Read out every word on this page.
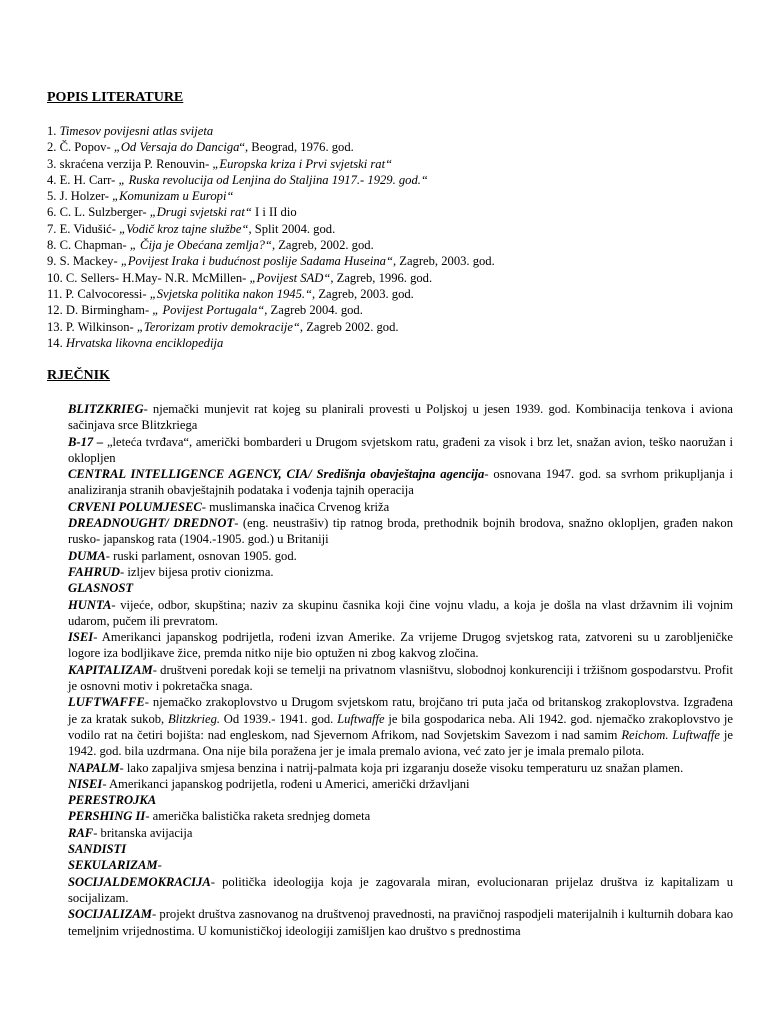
POPIS LITERATURE
1. Timesov povijesni atlas svijeta
2. Č. Popov- „Od Versaja do Danciga“, Beograd, 1976. god.
3. skraćena verzija P. Renouvin- „Europska kriza i Prvi svjetski rat“
4. E. H. Carr- „ Ruska revolucija od Lenjina do Staljina 1917.- 1929. god.“
5. J. Holzer- „Komunizam u Europi“
6. C. L. Sulzberger- „Drugi svjetski rat“ I i II dio
7. E. Vidušić- „Vodič kroz tajne službe“, Split 2004. god.
8. C. Chapman- „ Čija je Obećana zemlja?“, Zagreb, 2002. god.
9. S. Mackey- „Povijest Iraka i budućnost poslije Sadama Huseina“, Zagreb, 2003. god.
10. C. Sellers- H.May- N.R. McMillen- „Povijest SAD“, Zagreb, 1996. god.
11. P. Calvocoressi- „Svjetska politika nakon 1945.“, Zagreb, 2003. god.
12. D. Birmingham- „ Povijest Portugala“, Zagreb 2004. god.
13. P. Wilkinson- „Terorizam protiv demokracije“, Zagreb 2002. god.
14. Hrvatska likovna enciklopedija
RJEČNIK

BLITZKRIEG- njemački munjevit rat kojeg su planirali provesti u Poljskoj u jesen 1939. god. Kombinacija tenkova i aviona sačinjava srce Blitzkriega

B-17 – „leteća tvrđava“, američki bombarderi u Drugom svjetskom ratu, građeni za visok i brz let, snažan avion, teško naoružan i oklopljen

CENTRAL INTELLIGENCE AGENCY, CIA/ Središnja obavještajna agencija- osnovana 1947. god. sa svrhom prikupljanja i analiziranja stranih obavještajnih podataka i vođenja tajnih operacija

CRVENI POLUMJESEC- muslimanska inačica Crvenog križa

DREADNOUGHT/ DREDNOT- (eng. neustrašiv) tip ratnog broda, prethodnik bojnih brodova, snažno oklopljen, građen nakon rusko- japanskog rata (1904.-1905. god.) u Britaniji

DUMA- ruski parlament, osnovan 1905. god.

FAHRUD- izljev bijesa protiv cionizma.

GLASNOST

HUNTA- vijeće, odbor, skupština; naziv za skupinu časnika koji čine vojnu vladu, a koja je došla na vlast državnim ili vojnim udarom, pučem ili prevratom.

ISEI- Amerikanci japanskog podrijetla, rođeni izvan Amerike. Za vrijeme Drugog svjetskog rata, zatvoreni su u zarobljeničke logore iza bodljikave žice, premda nitko nije bio optužen ni zbog kakvog zločina.

KAPITALIZAM- društveni poredak koji se temelji na privatnom vlasništvu, slobodnoj konkurenciji i tržišnom gospodarstvu. Profit je osnovni motiv i pokretačka snaga.

LUFTWAFFE- njemačko zrakoplovstvo u Drugom svjetskom ratu, brojčano tri puta jača od britanskog zrakoplovstva. Izgrađena je za kratak sukob, Blitzkrieg. Od 1939.- 1941. god. Luftwaffe je bila gospodarica neba. Ali 1942. god. njemačko zrakoplovstvo je vodilo rat na četiri bojišta: nad engleskom, nad Sjevernom Afrikom, nad Sovjetskim Savezom i nad samim Reichom. Luftwaffe je 1942. god. bila uzdrmana. Ona nije bila poražena jer je imala premalo aviona, već zato jer je imala premalo pilota.

NAPALM- lako zapaljiva smjesa benzina i natrij-palmata koja pri izgaranju doseže visoku temperaturu uz snažan plamen.

NISEI- Amerikanci japanskog podrijetla, rođeni u Americi, američki državljani

PERESTROJKA

PERSHING II- američka balistička raketa srednjeg dometa

RAF- britanska avijacija

SANDISTI

SEKULARIZAM-

SOCIJALDEMOKRACIJA- politička ideologija koja je zagovarala miran, evolucionaran prijelaz društva iz kapitalizam u socijalizam.

SOCIJALIZAM- projekt društva zasnovanog na društvenoj pravednosti, na pravičnoj raspodjeli materijalnih i kulturnih dobara kao temeljnim vrijednostima. U komunističkoj ideologiji zamišljen kao društvo s prednostima
